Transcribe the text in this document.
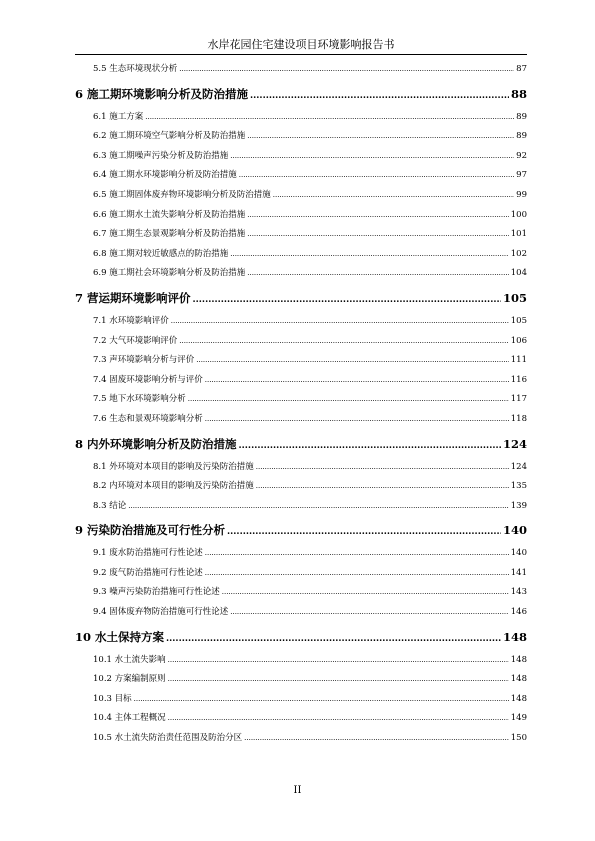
水岸花园住宅建设项目环境影响报告书
5.5 生态环境现状分析 .....	87
6 施工期环境影响分析及防治措施 .....	88
6.1 施工方案 .....	89
6.2 施工期环境空气影响分析及防治措施 .....	89
6.3 施工期噪声污染分析及防治措施 .....	92
6.4 施工期水环境影响分析及防治措施 .....	97
6.5 施工期固体废弃物环境影响分析及防治措施 .....	99
6.6 施工期水土流失影响分析及防治措施 .....	100
6.7 施工期生态景观影响分析及防治措施 .....	101
6.8 施工期对较近敏感点的防治措施 .....	102
6.9 施工期社会环境影响分析及防治措施 .....	104
7 营运期环境影响评价 .....	105
7.1 水环境影响评价 .....	105
7.2 大气环境影响评价 .....	106
7.3 声环境影响分析与评价 .....	111
7.4 固废环境影响分析与评价 .....	116
7.5 地下水环境影响分析 .....	117
7.6 生态和景观环境影响分析 .....	118
8 内外环境影响分析及防治措施 .....	124
8.1 外环境对本项目的影响及污染防治措施 .....	124
8.2 内环境对本项目的影响及污染防治措施 .....	135
8.3 结论 .....	139
9 污染防治措施及可行性分析 .....	140
9.1 废水防治措施可行性论述 .....	140
9.2 废气防治措施可行性论述 .....	141
9.3 噪声污染防治措施可行性论述 .....	143
9.4 固体废弃物防治措施可行性论述 .....	146
10 水土保持方案 .....	148
10.1 水土流失影响 .....	148
10.2 方案编制原则 .....	148
10.3 目标 .....	148
10.4 主体工程概况 .....	149
10.5 水土流失防治责任范围及防治分区 .....	150
II
